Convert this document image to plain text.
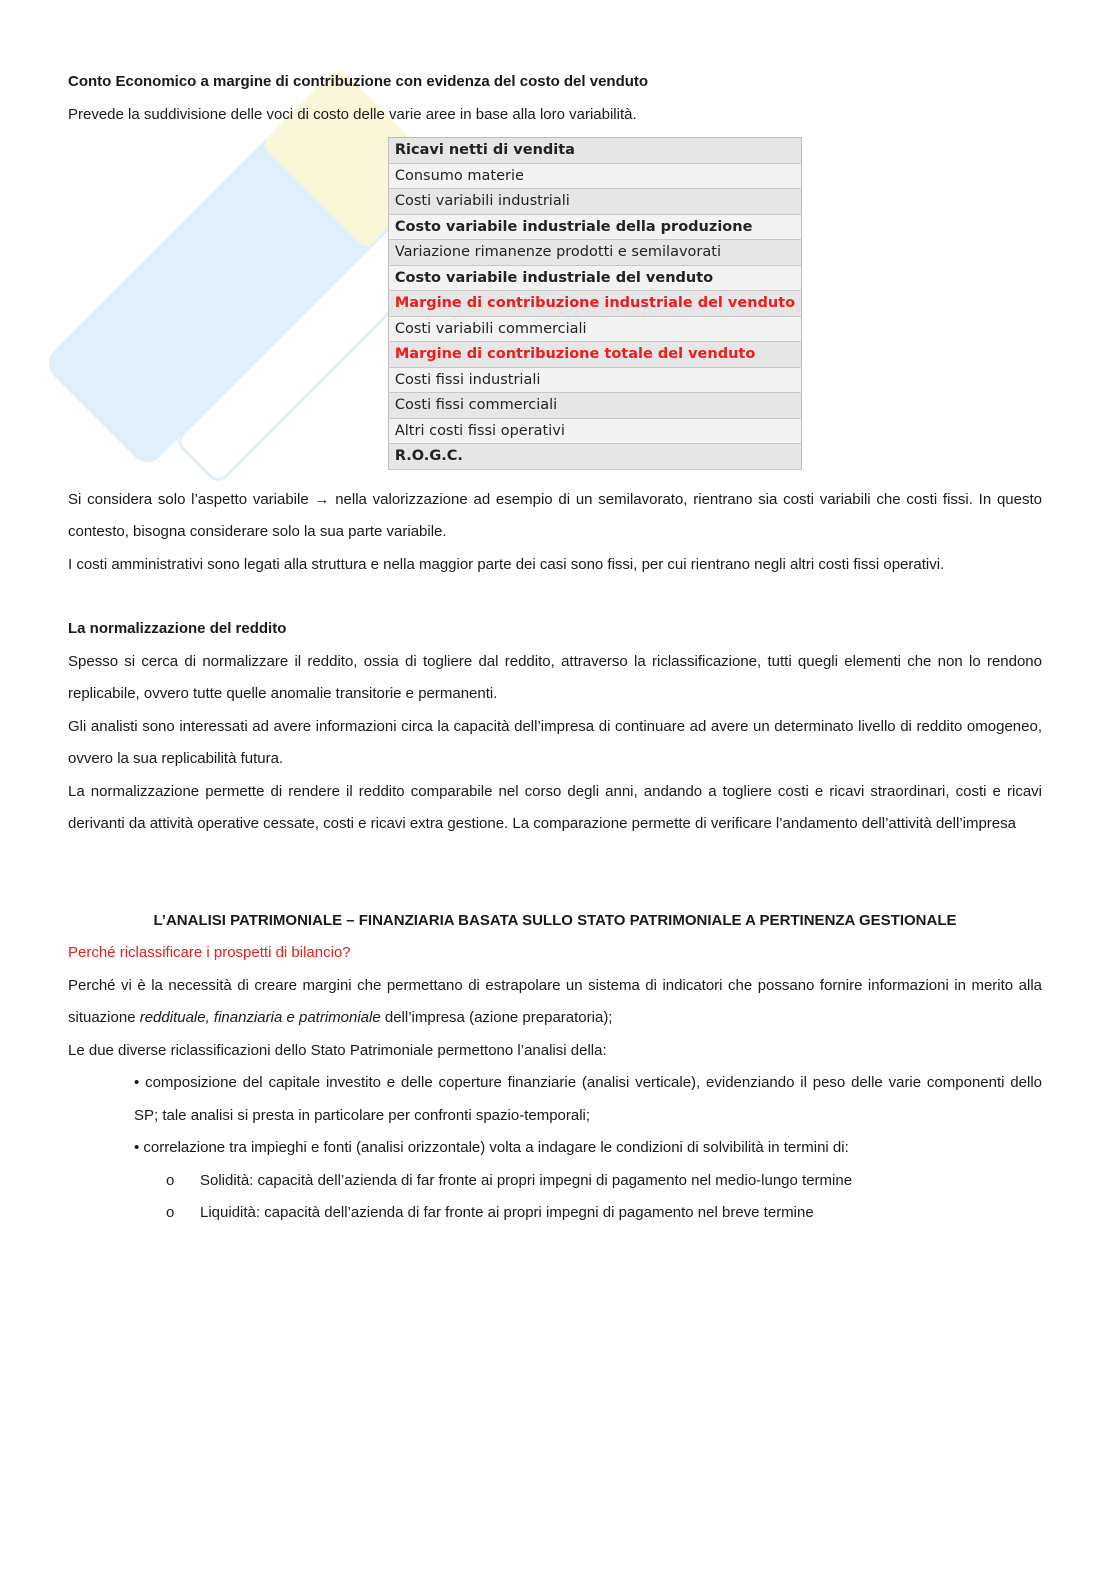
Conto Economico a margine di contribuzione con evidenza del costo del venduto

Prevede la suddivisione delle voci di costo delle varie aree in base alla loro variabilità.

Ricavi netti di vendita
Consumo materie
Costi variabili industriali
Costo variabile industriale della produzione
Variazione rimanenze prodotti e semilavorati
Costo variabile industriale del venduto
Margine di contribuzione industriale del venduto
Costi variabili commerciali
Margine di contribuzione totale del venduto
Costi fissi industriali
Costi fissi commerciali
Altri costi fissi operativi
R.O.G.C.

Si considera solo l’aspetto variabile → nella valorizzazione ad esempio di un semilavorato, rientrano sia costi variabili che costi fissi. In questo contesto, bisogna considerare solo la sua parte variabile.

I costi amministrativi sono legati alla struttura e nella maggior parte dei casi sono fissi, per cui rientrano negli altri costi fissi operativi.

La normalizzazione del reddito

Spesso si cerca di normalizzare il reddito, ossia di togliere dal reddito, attraverso la riclassificazione, tutti quegli elementi che non lo rendono replicabile, ovvero tutte quelle anomalie transitorie e permanenti.

Gli analisti sono interessati ad avere informazioni circa la capacità dell’impresa di continuare ad avere un determinato livello di reddito omogeneo, ovvero la sua replicabilità futura.

La normalizzazione permette di rendere il reddito comparabile nel corso degli anni, andando a togliere costi e ricavi straordinari, costi e ricavi derivanti da attività operative cessate, costi e ricavi extra gestione. La comparazione permette di verificare l’andamento dell’attività dell’impresa

L’ANALISI PATRIMONIALE – FINANZIARIA BASATA SULLO STATO PATRIMONIALE A PERTINENZA GESTIONALE

Perché riclassificare i prospetti di bilancio?

Perché vi è la necessità di creare margini che permettano di estrapolare un sistema di indicatori che possano fornire informazioni in merito alla situazione reddituale, finanziaria e patrimoniale dell’impresa (azione preparatoria);

Le due diverse riclassificazioni dello Stato Patrimoniale permettono l’analisi della:

• composizione del capitale investito e delle coperture finanziarie (analisi verticale), evidenziando il peso delle varie componenti dello SP; tale analisi si presta in particolare per confronti spazio-temporali;

• correlazione tra impieghi e fonti (analisi orizzontale) volta a indagare le condizioni di solvibilità in termini di:

o	Solidità: capacità dell’azienda di far fronte ai propri impegni di pagamento nel medio-lungo termine
o	Liquidità: capacità dell’azienda di far fronte ai propri impegni di pagamento nel breve termine
